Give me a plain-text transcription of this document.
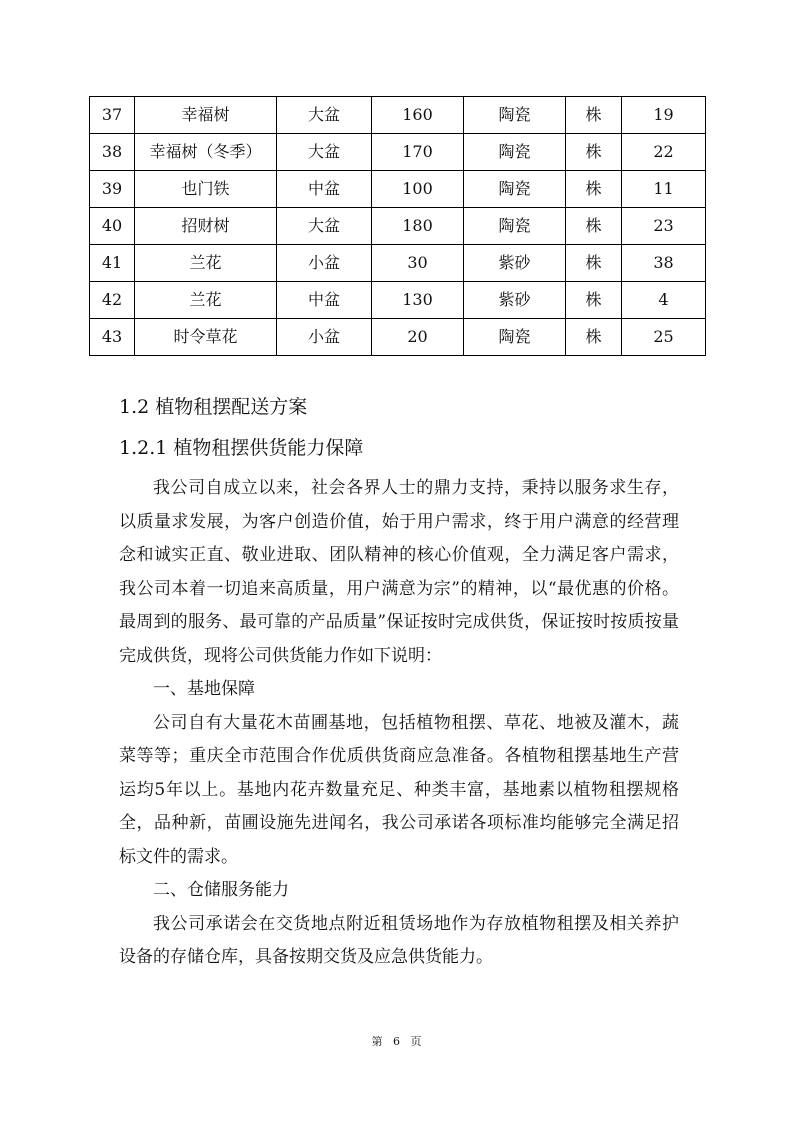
37	幸福树	大盆	160	陶瓷	株	19
38	幸福树（冬季）	大盆	170	陶瓷	株	22
39	也门铁	中盆	100	陶瓷	株	11
40	招财树	大盆	180	陶瓷	株	23
41	兰花	小盆	30	紫砂	株	38
42	兰花	中盆	130	紫砂	株	4
43	时令草花	小盆	20	陶瓷	株	25
1.2 植物租摆配送方案
1.2.1 植物租摆供货能力保障

我公司自成立以来，社会各界人士的鼎力支持，秉持以服务求生存，以质量求发展，为客户创造价值，始于用户需求，终于用户满意的经营理念和诚实正直、敬业进取、团队精神的核心价值观，全力满足客户需求，我公司本着一切追来高质量，用户满意为宗”的精神，以“最优惠的价格。最周到的服务、最可靠的产品质量”保证按时完成供货，保证按时按质按量完成供货，现将公司供货能力作如下说明：

一、基地保障

公司自有大量花木苗圃基地，包括植物租摆、草花、地被及灌木，蔬菜等等；重庆全市范围合作优质供货商应急准备。各植物租摆基地生产营运均5年以上。基地内花卉数量充足、种类丰富，基地素以植物租摆规格全，品种新，苗圃设施先进闻名，我公司承诺各项标准均能够完全满足招标文件的需求。

二、仓储服务能力

我公司承诺会在交货地点附近租赁场地作为存放植物租摆及相关养护设备的存储仓库，具备按期交货及应急供货能力。

第 6 页
